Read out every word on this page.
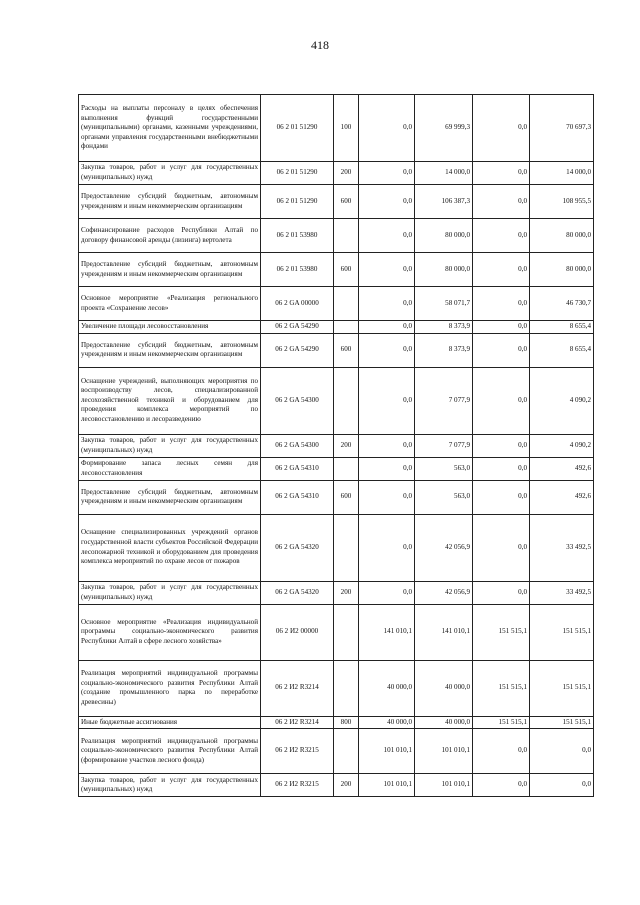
418
Расходы на выплаты персоналу в целях обеспечения выполнения функций государственными (муниципальными) органами, казенными учреждениями, органами управления государственными внебюджетными фондами	06 2 01 51290	100	0,0	69 999,3	0,0	70 697,3
Закупка товаров, работ и услуг для государственных (муниципальных) нужд	06 2 01 51290	200	0,0	14 000,0	0,0	14 000,0
Предоставление субсидий бюджетным, автономным учреждениям и иным некоммерческим организациям	06 2 01 51290	600	0,0	106 387,3	0,0	108 955,5
Софинансирование расходов Республики Алтай по договору финансовой аренды (лизинга) вертолета	06 2 01 53980		0,0	80 000,0	0,0	80 000,0
Предоставление субсидий бюджетным, автономным учреждениям и иным некоммерческим организациям	06 2 01 53980	600	0,0	80 000,0	0,0	80 000,0
Основное мероприятие «Реализация регионального проекта «Сохранение лесов»	06 2 GA 00000		0,0	58 071,7	0,0	46 730,7
Увеличение площади лесовосстановления	06 2 GA 54290		0,0	8 373,9	0,0	8 655,4
Предоставление субсидий бюджетным, автономным учреждениям и иным некоммерческим организациям	06 2 GA 54290	600	0,0	8 373,9	0,0	8 655,4
Оснащение учреждений, выполняющих мероприятия по воспроизводству лесов, специализированной лесохозяйственной техникой и оборудованием для проведения комплекса мероприятий по лесовосстановлению и лесоразведению	06 2 GA 54300		0,0	7 077,9	0,0	4 090,2
Закупка товаров, работ и услуг для государственных (муниципальных) нужд	06 2 GA 54300	200	0,0	7 077,9	0,0	4 090,2
Формирование запаса лесных семян для лесовосстановления	06 2 GA 54310		0,0	563,0	0,0	492,6
Предоставление субсидий бюджетным, автономным учреждениям и иным некоммерческим организациям	06 2 GA 54310	600	0,0	563,0	0,0	492,6
Оснащение специализированных учреждений органов государственной власти субъектов Российской Федерации лесопожарной техникой и оборудованием для проведения комплекса мероприятий по охране лесов от пожаров	06 2 GA 54320		0,0	42 056,9	0,0	33 492,5
Закупка товаров, работ и услуг для государственных (муниципальных) нужд	06 2 GA 54320	200	0,0	42 056,9	0,0	33 492,5
Основное мероприятие «Реализация индивидуальной программы социально-экономического развития Республики Алтай в сфере лесного хозяйства»	06 2 И2 00000		141 010,1	141 010,1	151 515,1	151 515,1
Реализация мероприятий индивидуальной программы социально-экономического развития Республики Алтай (создание промышленного парка по переработке древесины)	06 2 И2 R3214		40 000,0	40 000,0	151 515,1	151 515,1
Иные бюджетные ассигнования	06 2 И2 R3214	800	40 000,0	40 000,0	151 515,1	151 515,1
Реализация мероприятий индивидуальной программы социально-экономического развития Республики Алтай (формирование участков лесного фонда)	06 2 И2 R3215		101 010,1	101 010,1	0,0	0,0
Закупка товаров, работ и услуг для государственных (муниципальных) нужд	06 2 И2 R3215	200	101 010,1	101 010,1	0,0	0,0
